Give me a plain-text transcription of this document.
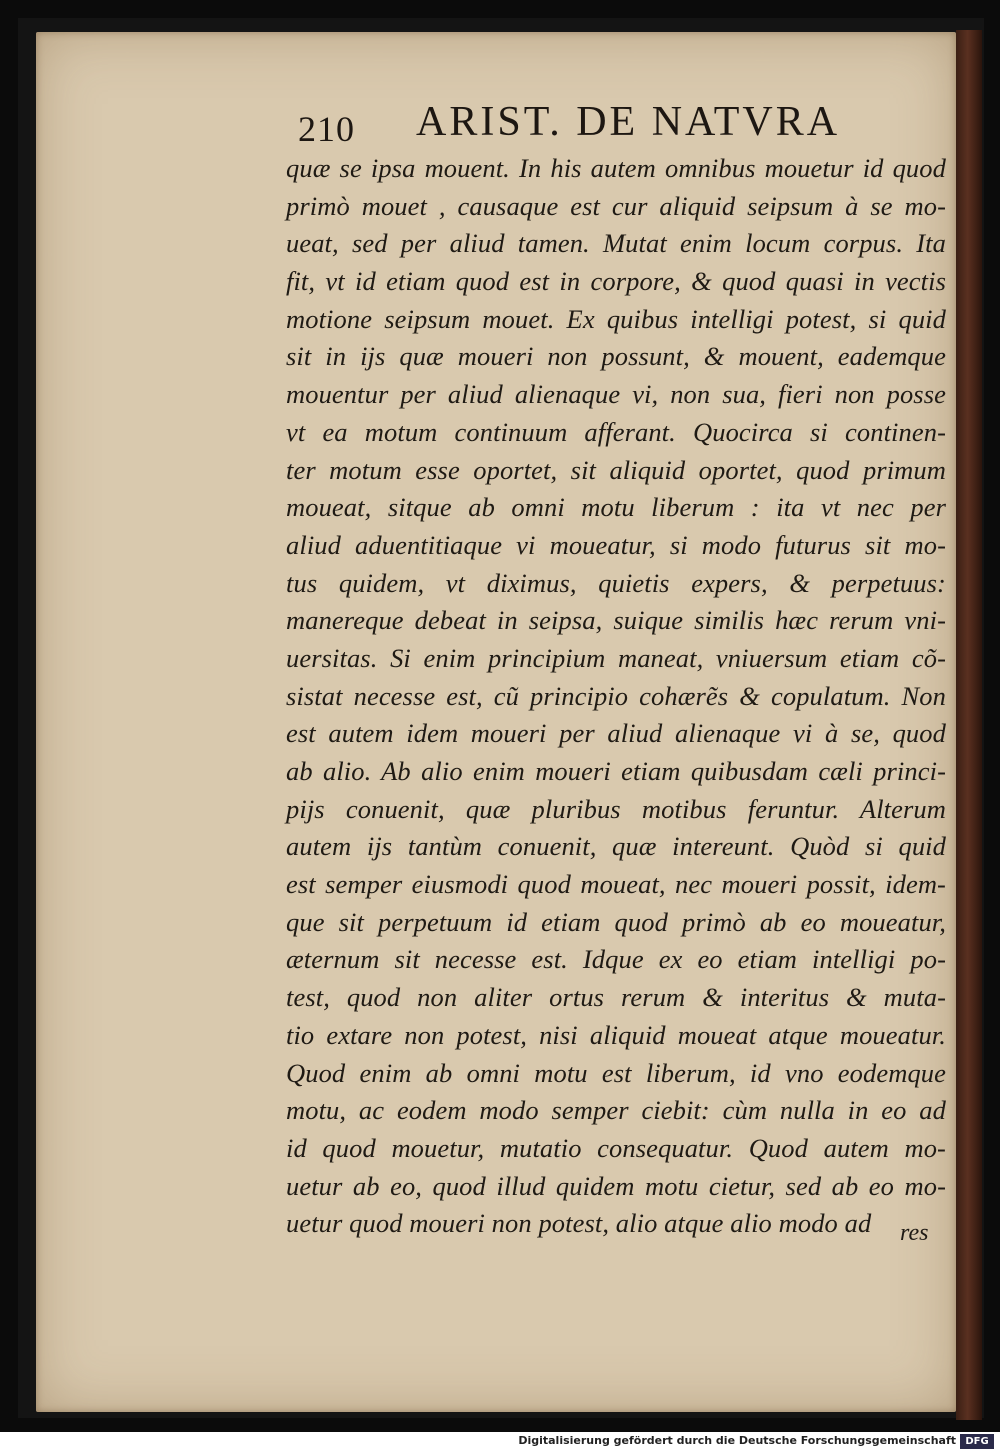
210 ARIST. DE NATVRA
quæ se ipsa mouent. In his autem omnibus mouetur id quod
primò mouet , causaque est cur aliquid seipsum à se mo-
ueat, sed per aliud tamen. Mutat enim locum corpus. Ita
fit, vt id etiam quod est in corpore, & quod quasi in vectis
motione seipsum mouet. Ex quibus intelligi potest, si quid
sit in ijs quæ moueri non possunt, & mouent, eademque
mouentur per aliud alienaque vi, non sua, fieri non posse
vt ea motum continuum afferant. Quocirca si continen-
ter motum esse oportet, sit aliquid oportet, quod primum
moueat, sitque ab omni motu liberum : ita vt nec per
aliud aduentitiaque vi moueatur, si modo futurus sit mo-
tus quidem, vt diximus, quietis expers, & perpetuus:
manereque debeat in seipsa, suique similis hæc rerum vni-
uersitas. Si enim principium maneat, vniuersum etiam cõ-
sistat necesse est, cũ principio cohærẽs & copulatum. Non
est autem idem moueri per aliud alienaque vi à se, quod
ab alio. Ab alio enim moueri etiam quibusdam cæli princi-
pijs conuenit, quæ pluribus motibus feruntur. Alterum
autem ijs tantùm conuenit, quæ intereunt. Quòd si quid
est semper eiusmodi quod moueat, nec moueri possit, idem-
que sit perpetuum id etiam quod primò ab eo moueatur,
æternum sit necesse est. Idque ex eo etiam intelligi po-
test, quod non aliter ortus rerum & interitus & muta-
tio extare non potest, nisi aliquid moueat atque moueatur.
Quod enim ab omni motu est liberum, id vno eodemque
motu, ac eodem modo semper ciebit: cùm nulla in eo ad
id quod mouetur, mutatio consequatur. Quod autem mo-
uetur ab eo, quod illud quidem motu cietur, sed ab eo mo-
uetur quod moueri non potest, alio atque alio modo ad	res
Digitalisierung gefördert durch die Deutsche Forschungsgemeinschaft DFG
